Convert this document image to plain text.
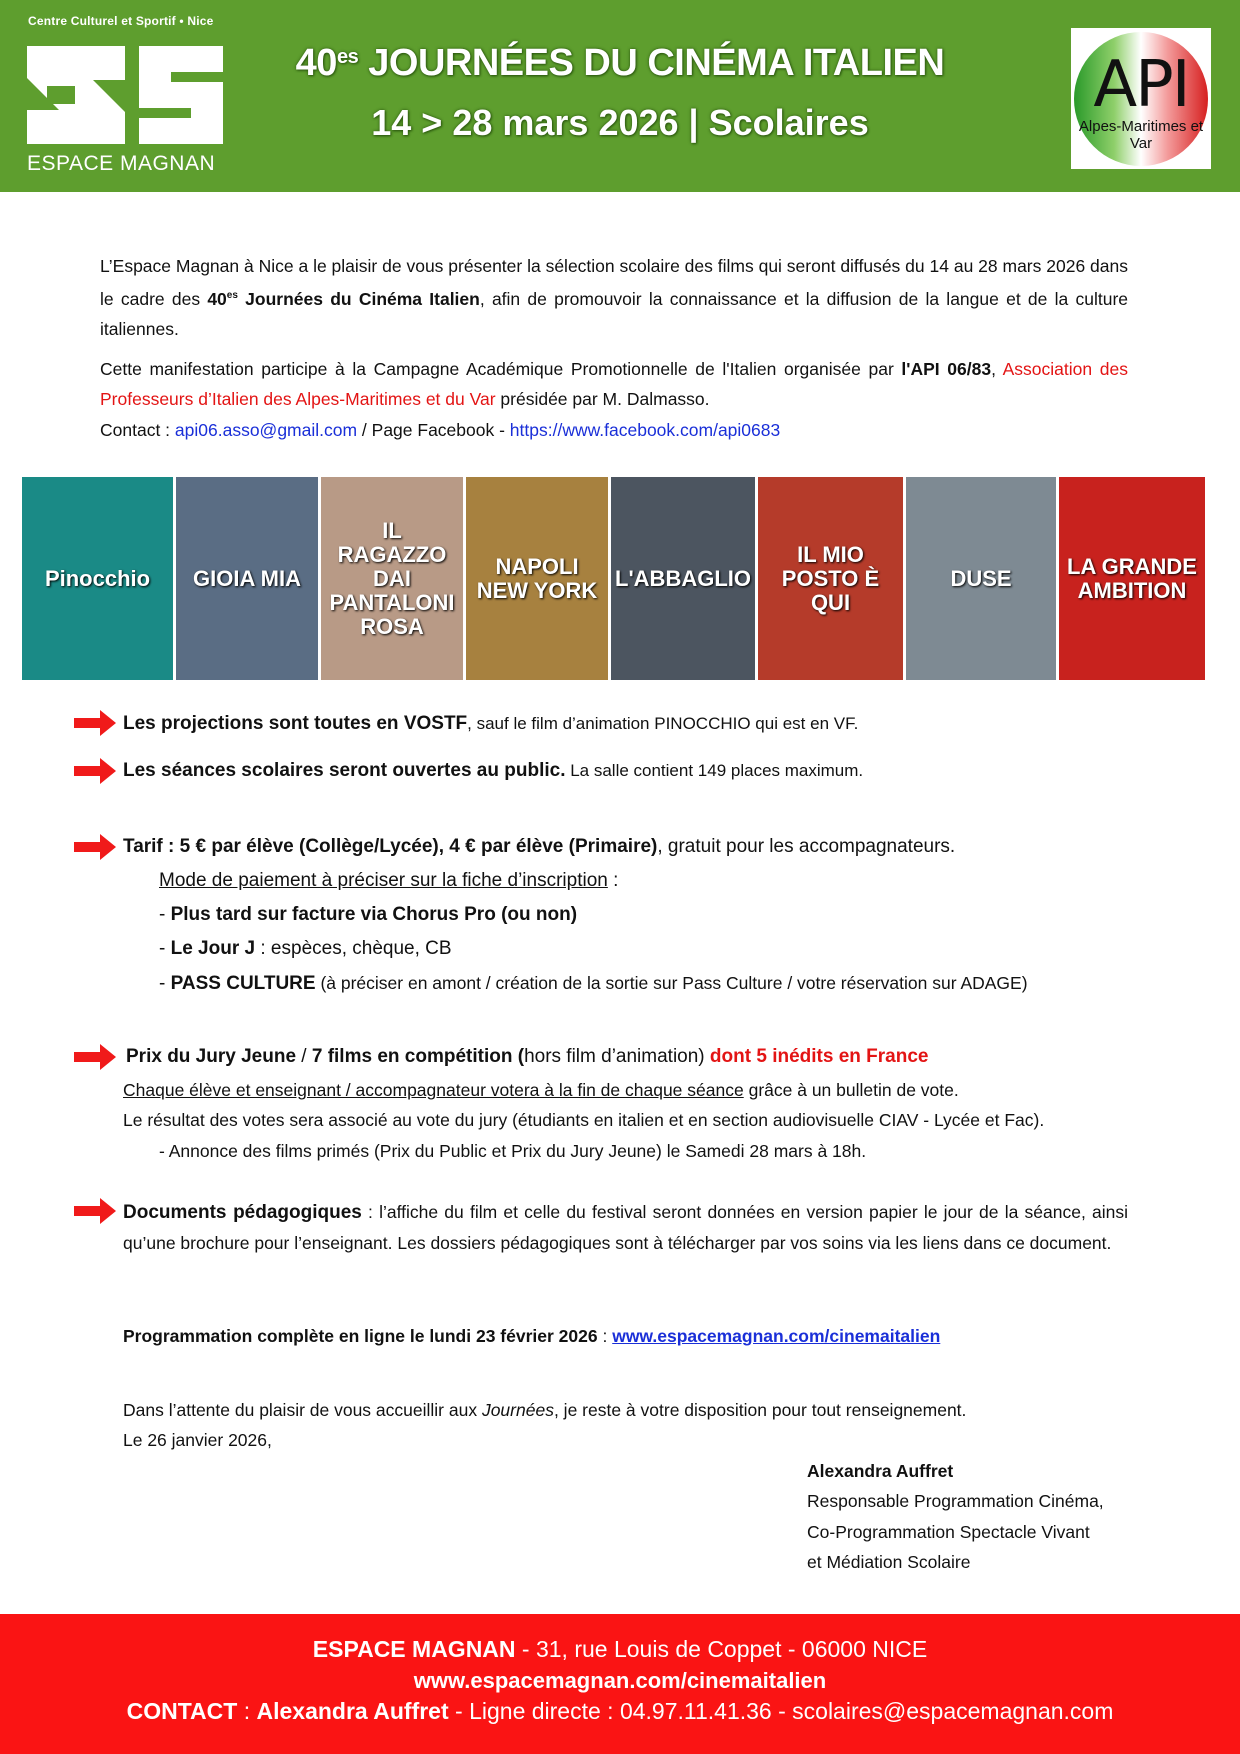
Centre Culturel et Sportif • Nice
ESPACE MAGNAN
$40^{es}$ JOURNÉES DU CINÉMA ITALIEN
14 > 28 mars 2026 | Scolaires
API
Alpes-Maritimes et Var
L’Espace Magnan à Nice a le plaisir de vous présenter la sélection scolaire des films qui seront diffusés du 14 au 28 mars 2026 dans le cadre des $40^{es}$ Journées du Cinéma Italien, afin de promouvoir la connaissance et la diffusion de la langue et de la culture italiennes.
Cette manifestation participe à la Campagne Académique Promotionnelle de l'Italien organisée par l'API 06/83, Association des Professeurs d’Italien des Alpes-Maritimes et du Var présidée par M. Dalmasso.
Contact : api06.asso@gmail.com / Page Facebook - https://www.facebook.com/api0683
Pinocchio GIOIA MIA
IL RAGAZZO DAI PANTALONI ROSA
NAPOLI NEW YORK L'ABBAGLIO
IL MIO POSTO È QUI
DUSE	LA GRANDE AMBITION
Les projections sont toutes en VOSTF, sauf le film d’animation PINOCCHIO qui est en VF.
Les séances scolaires seront ouvertes au public. La salle contient 149 places maximum.
Tarif : 5 € par élève (Collège/Lycée), 4 € par élève (Primaire), gratuit pour les accompagnateurs.
Mode de paiement à préciser sur la fiche d’inscription :
- Plus tard sur facture via Chorus Pro (ou non)
- Le Jour J : espèces, chèque, CB
- PASS CULTURE (à préciser en amont / création de la sortie sur Pass Culture / votre réservation sur ADAGE)
Prix du Jury Jeune / 7 films en compétition (hors film d’animation) dont 5 inédits en France
Chaque élève et enseignant / accompagnateur votera à la fin de chaque séance grâce à un bulletin de vote.
Le résultat des votes sera associé au vote du jury (étudiants en italien et en section audiovisuelle CIAV - Lycée et Fac).
- Annonce des films primés (Prix du Public et Prix du Jury Jeune) le Samedi 28 mars à 18h.
Documents pédagogiques : l’affiche du film et celle du festival seront données en version papier le jour de la séance, ainsi qu’une brochure pour l’enseignant. Les dossiers pédagogiques sont à télécharger par vos soins via les liens dans ce document.
Programmation complète en ligne le lundi 23 février 2026 : www.espacemagnan.com/cinemaitalien
Dans l’attente du plaisir de vous accueillir aux Journées, je reste à votre disposition pour tout renseignement.
Le 26 janvier 2026,
Alexandra Auffret
Responsable Programmation Cinéma,
Co-Programmation Spectacle Vivant
et Médiation Scolaire
ESPACE MAGNAN - 31, rue Louis de Coppet - 06000 NICE
www.espacemagnan.com/cinemaitalien
CONTACT : Alexandra Auffret - Ligne directe : 04.97.11.41.36 - scolaires@espacemagnan.com
